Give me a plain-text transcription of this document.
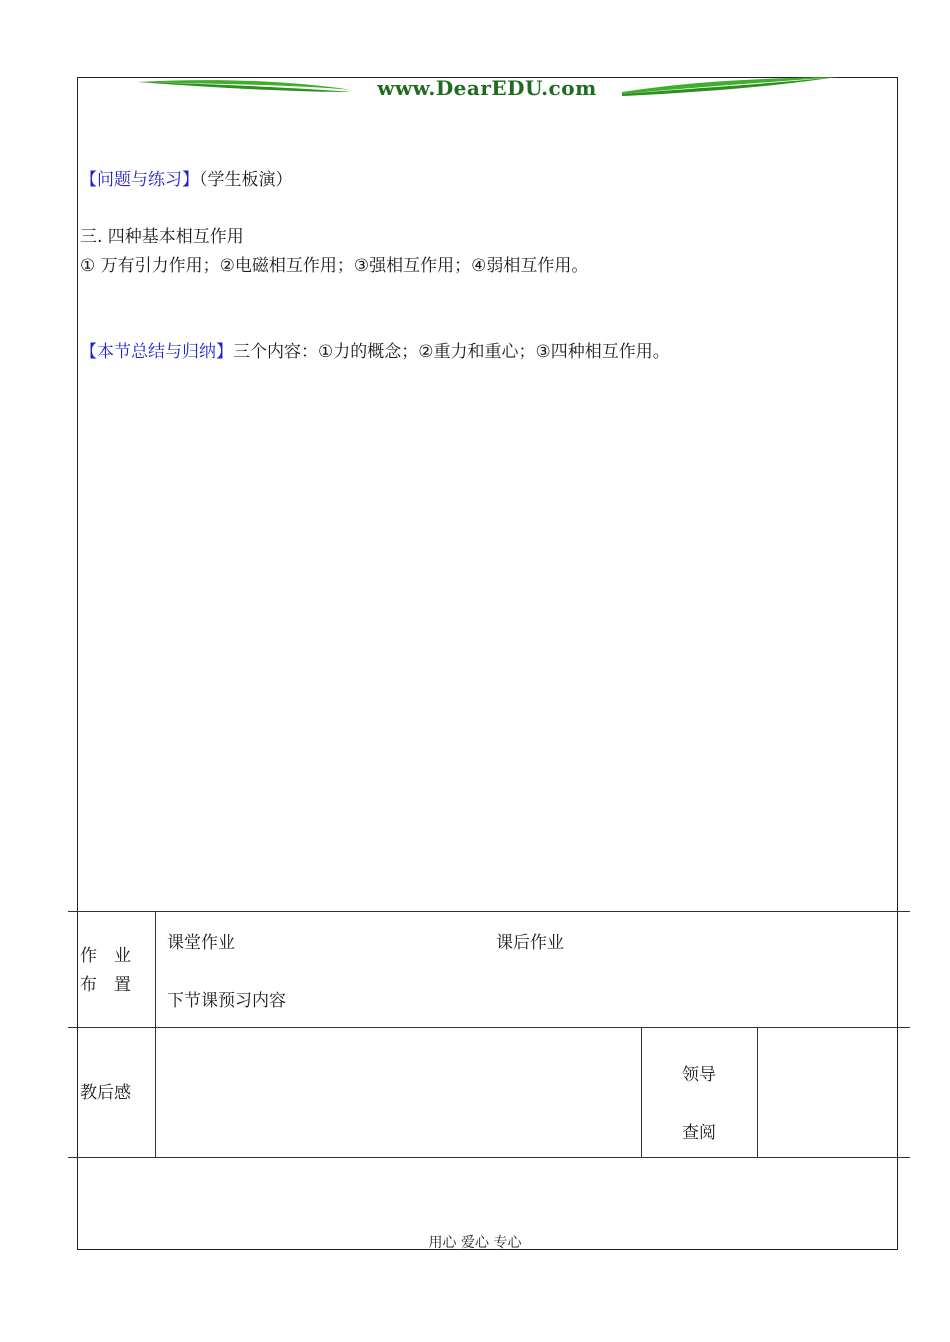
www.DearEDU.com
【问题与练习】（学生板演）
三. 四种基本相互作用
① 万有引力作用；②电磁相互作用；③强相互作用；④弱相互作用。
【本节总结与归纳】三个内容：①力的概念；②重力和重心；③四种相互作用。
作　业
布　置
课堂作业	课后作业
下节课预习内容
教后感
领导
查阅
用心 爱心 专心
